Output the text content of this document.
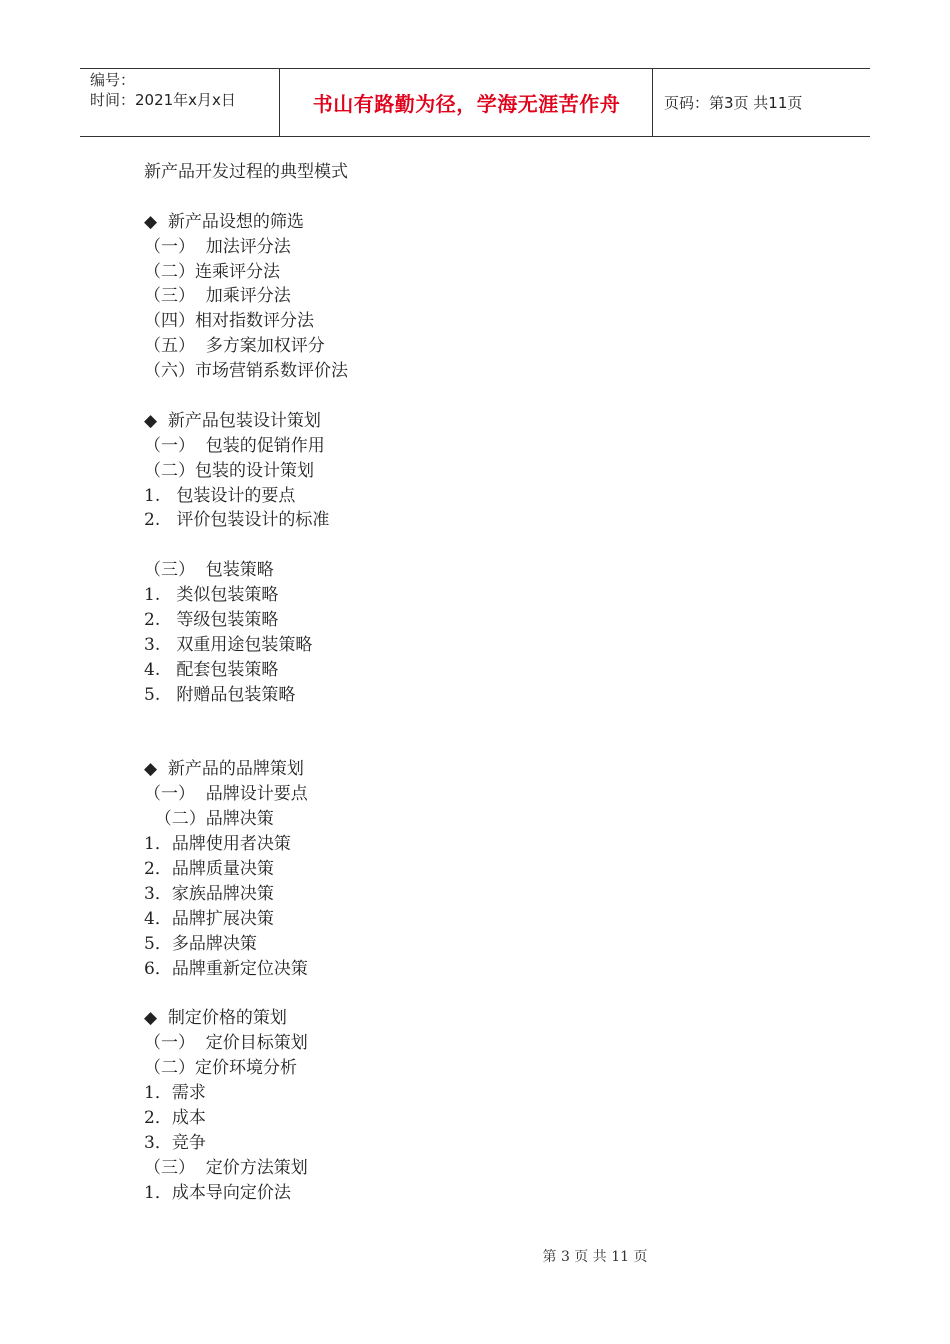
编号：
时间：2021年x月x日	书山有路勤为径，学海无涯苦作舟	页码：第3页 共11页
新产品开发过程的典型模式
◆  新产品设想的筛选
（一）  加法评分法
（二）连乘评分法
（三）  加乘评分法
（四）相对指数评分法
（五）  多方案加权评分
（六）市场营销系数评价法
◆  新产品包装设计策划
（一）  包装的促销作用
（二）包装的设计策划
1.   包装设计的要点
2.   评价包装设计的标准
（三）  包装策略
1.   类似包装策略
2.   等级包装策略
3.   双重用途包装策略
4.   配套包装策略
5.   附赠品包装策略
◆  新产品的品牌策划
（一）  品牌设计要点
（二）品牌决策
1．品牌使用者决策
2．品牌质量决策
3．家族品牌决策
4．品牌扩展决策
5．多品牌决策
6．品牌重新定位决策
◆  制定价格的策划
（一）  定价目标策划
（二）定价环境分析
1．需求
2．成本
3．竞争
（三）  定价方法策划
1．成本导向定价法
第 3 页 共 11 页
